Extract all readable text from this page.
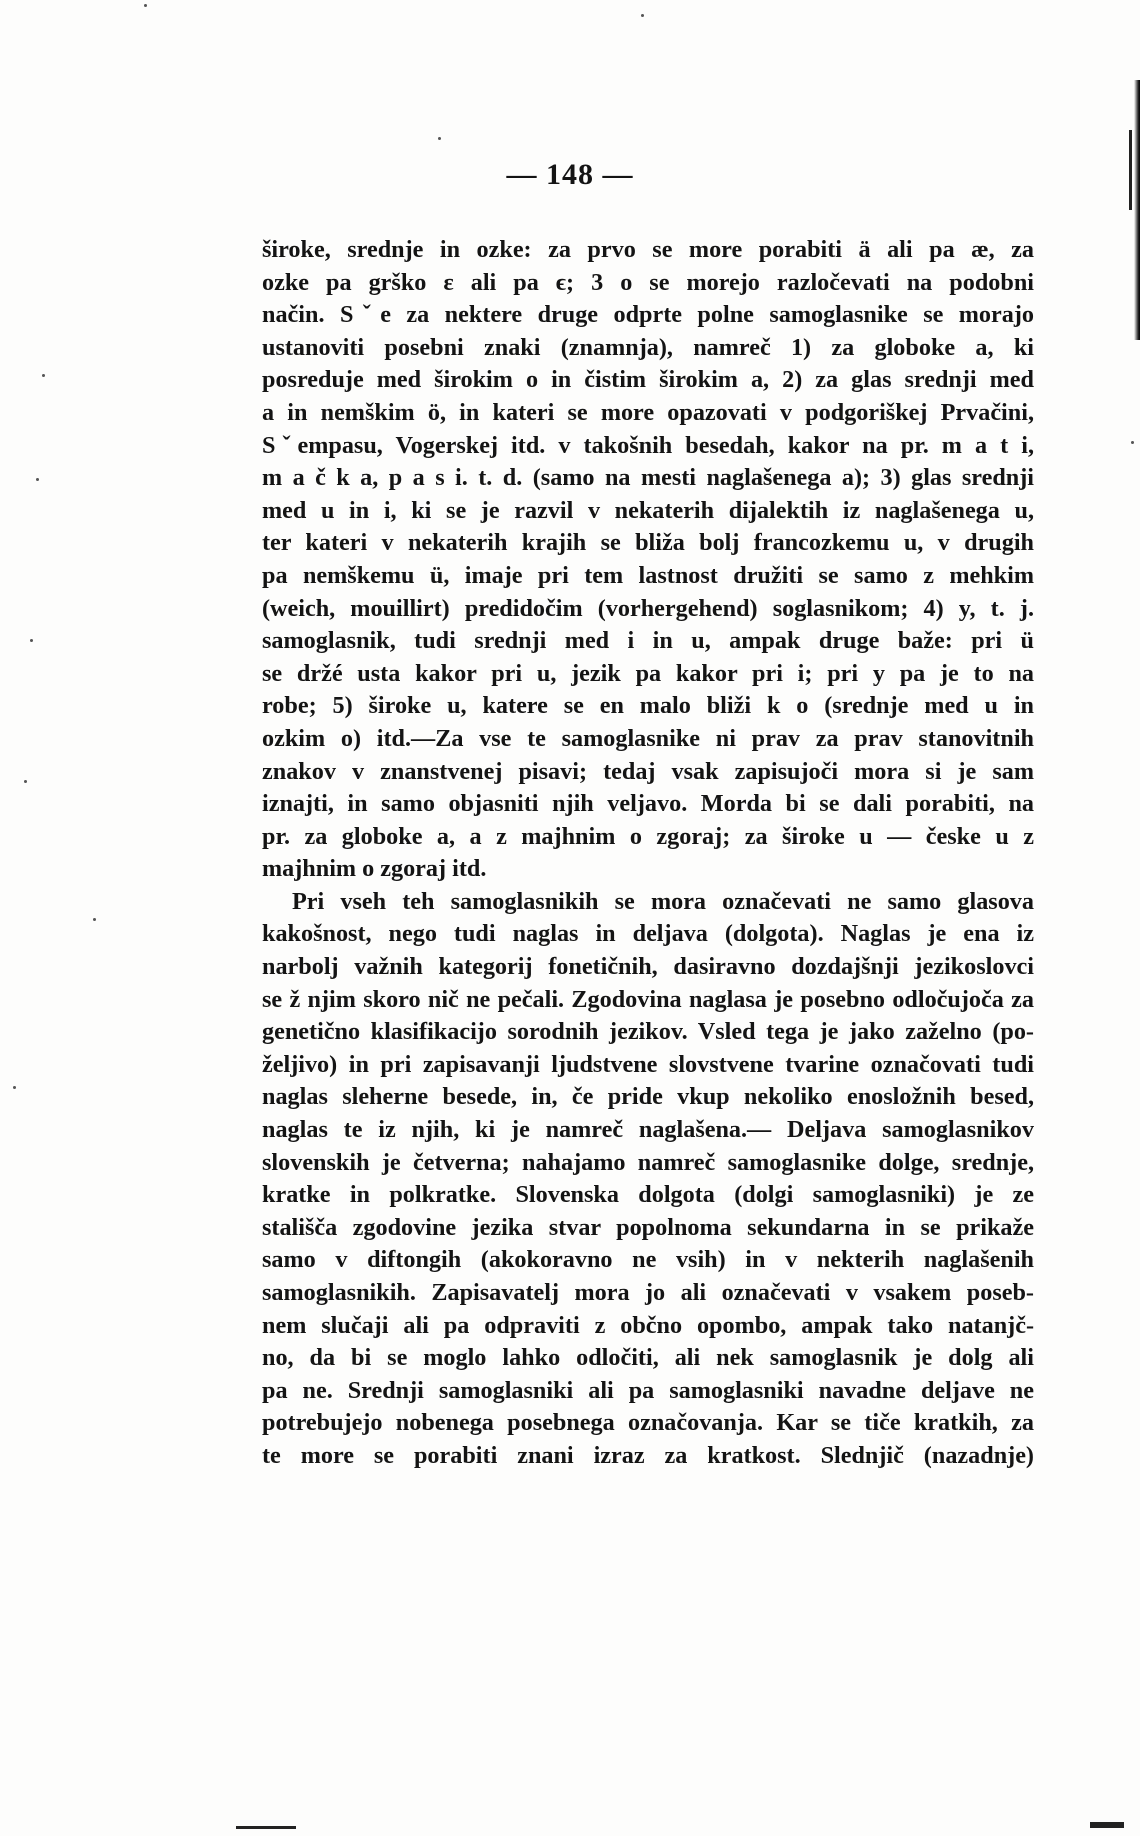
— 148 —
široke, srednje in ozke: za prvo se more porabiti ä ali pa æ, za
ozke pa grško ε ali pa ϵ; 3 o se morejo razločevati na podobni
način. Sˇe za nektere druge odprte polne samoglasnike se morajo
ustanoviti posebni znaki (znamnja), namreč 1) za globoke a, ki
posreduje med širokim o in čistim širokim a, 2) za glas srednji med
a in nemškim ö, in kateri se more opazovati v podgoriškej Prvačini,
Sˇempasu, Vogerskej itd. v takošnih besedah, kakor na pr. m a t i,
m a č k a, p a s i. t. d. (samo na mesti naglašenega a); 3) glas srednji
med u in i, ki se je razvil v nekaterih dijalektih iz naglašenega u,
ter kateri v nekaterih krajih se bliža bolj francozkemu u, v drugih
pa nemškemu ü, imaje pri tem lastnost družiti se samo z mehkim
(weich, mouillirt) predidočim (vorhergehend) soglasnikom; 4) y, t. j.
samoglasnik, tudi srednji med i in u, ampak druge baže: pri ü
se držé usta kakor pri u, jezik pa kakor pri i; pri y pa je to na
robe; 5) široke u, katere se en malo bliži k o (srednje med u in
ozkim o) itd.—Za vse te samoglasnike ni prav za prav stanovitnih
znakov v znanstvenej pisavi; tedaj vsak zapisujoči mora si je sam
iznajti, in samo objasniti njih veljavo. Morda bi se dali porabiti, na
pr. za globoke a, a z majhnim o zgoraj; za široke u — česke u z
majhnim o zgoraj itd.
Pri vseh teh samoglasnikih se mora označevati ne samo glasova
kakošnost, nego tudi naglas in deljava (dolgota). Naglas je ena iz
narbolj važnih kategorij fonetičnih, dasiravno dozdajšnji jezikoslovci
se ž njim skoro nič ne pečali. Zgodovina naglasa je posebno odločujoča za
genetično klasifikacijo sorodnih jezikov. Vsled tega je jako zaželno (po-
željivo) in pri zapisavanji ljudstvene slovstvene tvarine označovati tudi
naglas sleherne besede, in, če pride vkup nekoliko enosložnih besed,
naglas te iz njih, ki je namreč naglašena.— Deljava samoglasnikov
slovenskih je četverna; nahajamo namreč samoglasnike dolge, srednje,
kratke in polkratke. Slovenska dolgota (dolgi samoglasniki) je ze
stališča zgodovine jezika stvar popolnoma sekundarna in se prikaže
samo v diftongih (akokoravno ne vsih) in v nekterih naglašenih
samoglasnikih. Zapisavatelj mora jo ali označevati v vsakem poseb-
nem slučaji ali pa odpraviti z občno opombo, ampak tako natanjč-
no, da bi se moglo lahko odločiti, ali nek samoglasnik je dolg ali
pa ne. Srednji samoglasniki ali pa samoglasniki navadne deljave ne
potrebujejo nobenega posebnega označovanja. Kar se tiče kratkih, za
te more se porabiti znani izraz za kratkost. Slednjič (nazadnje)
